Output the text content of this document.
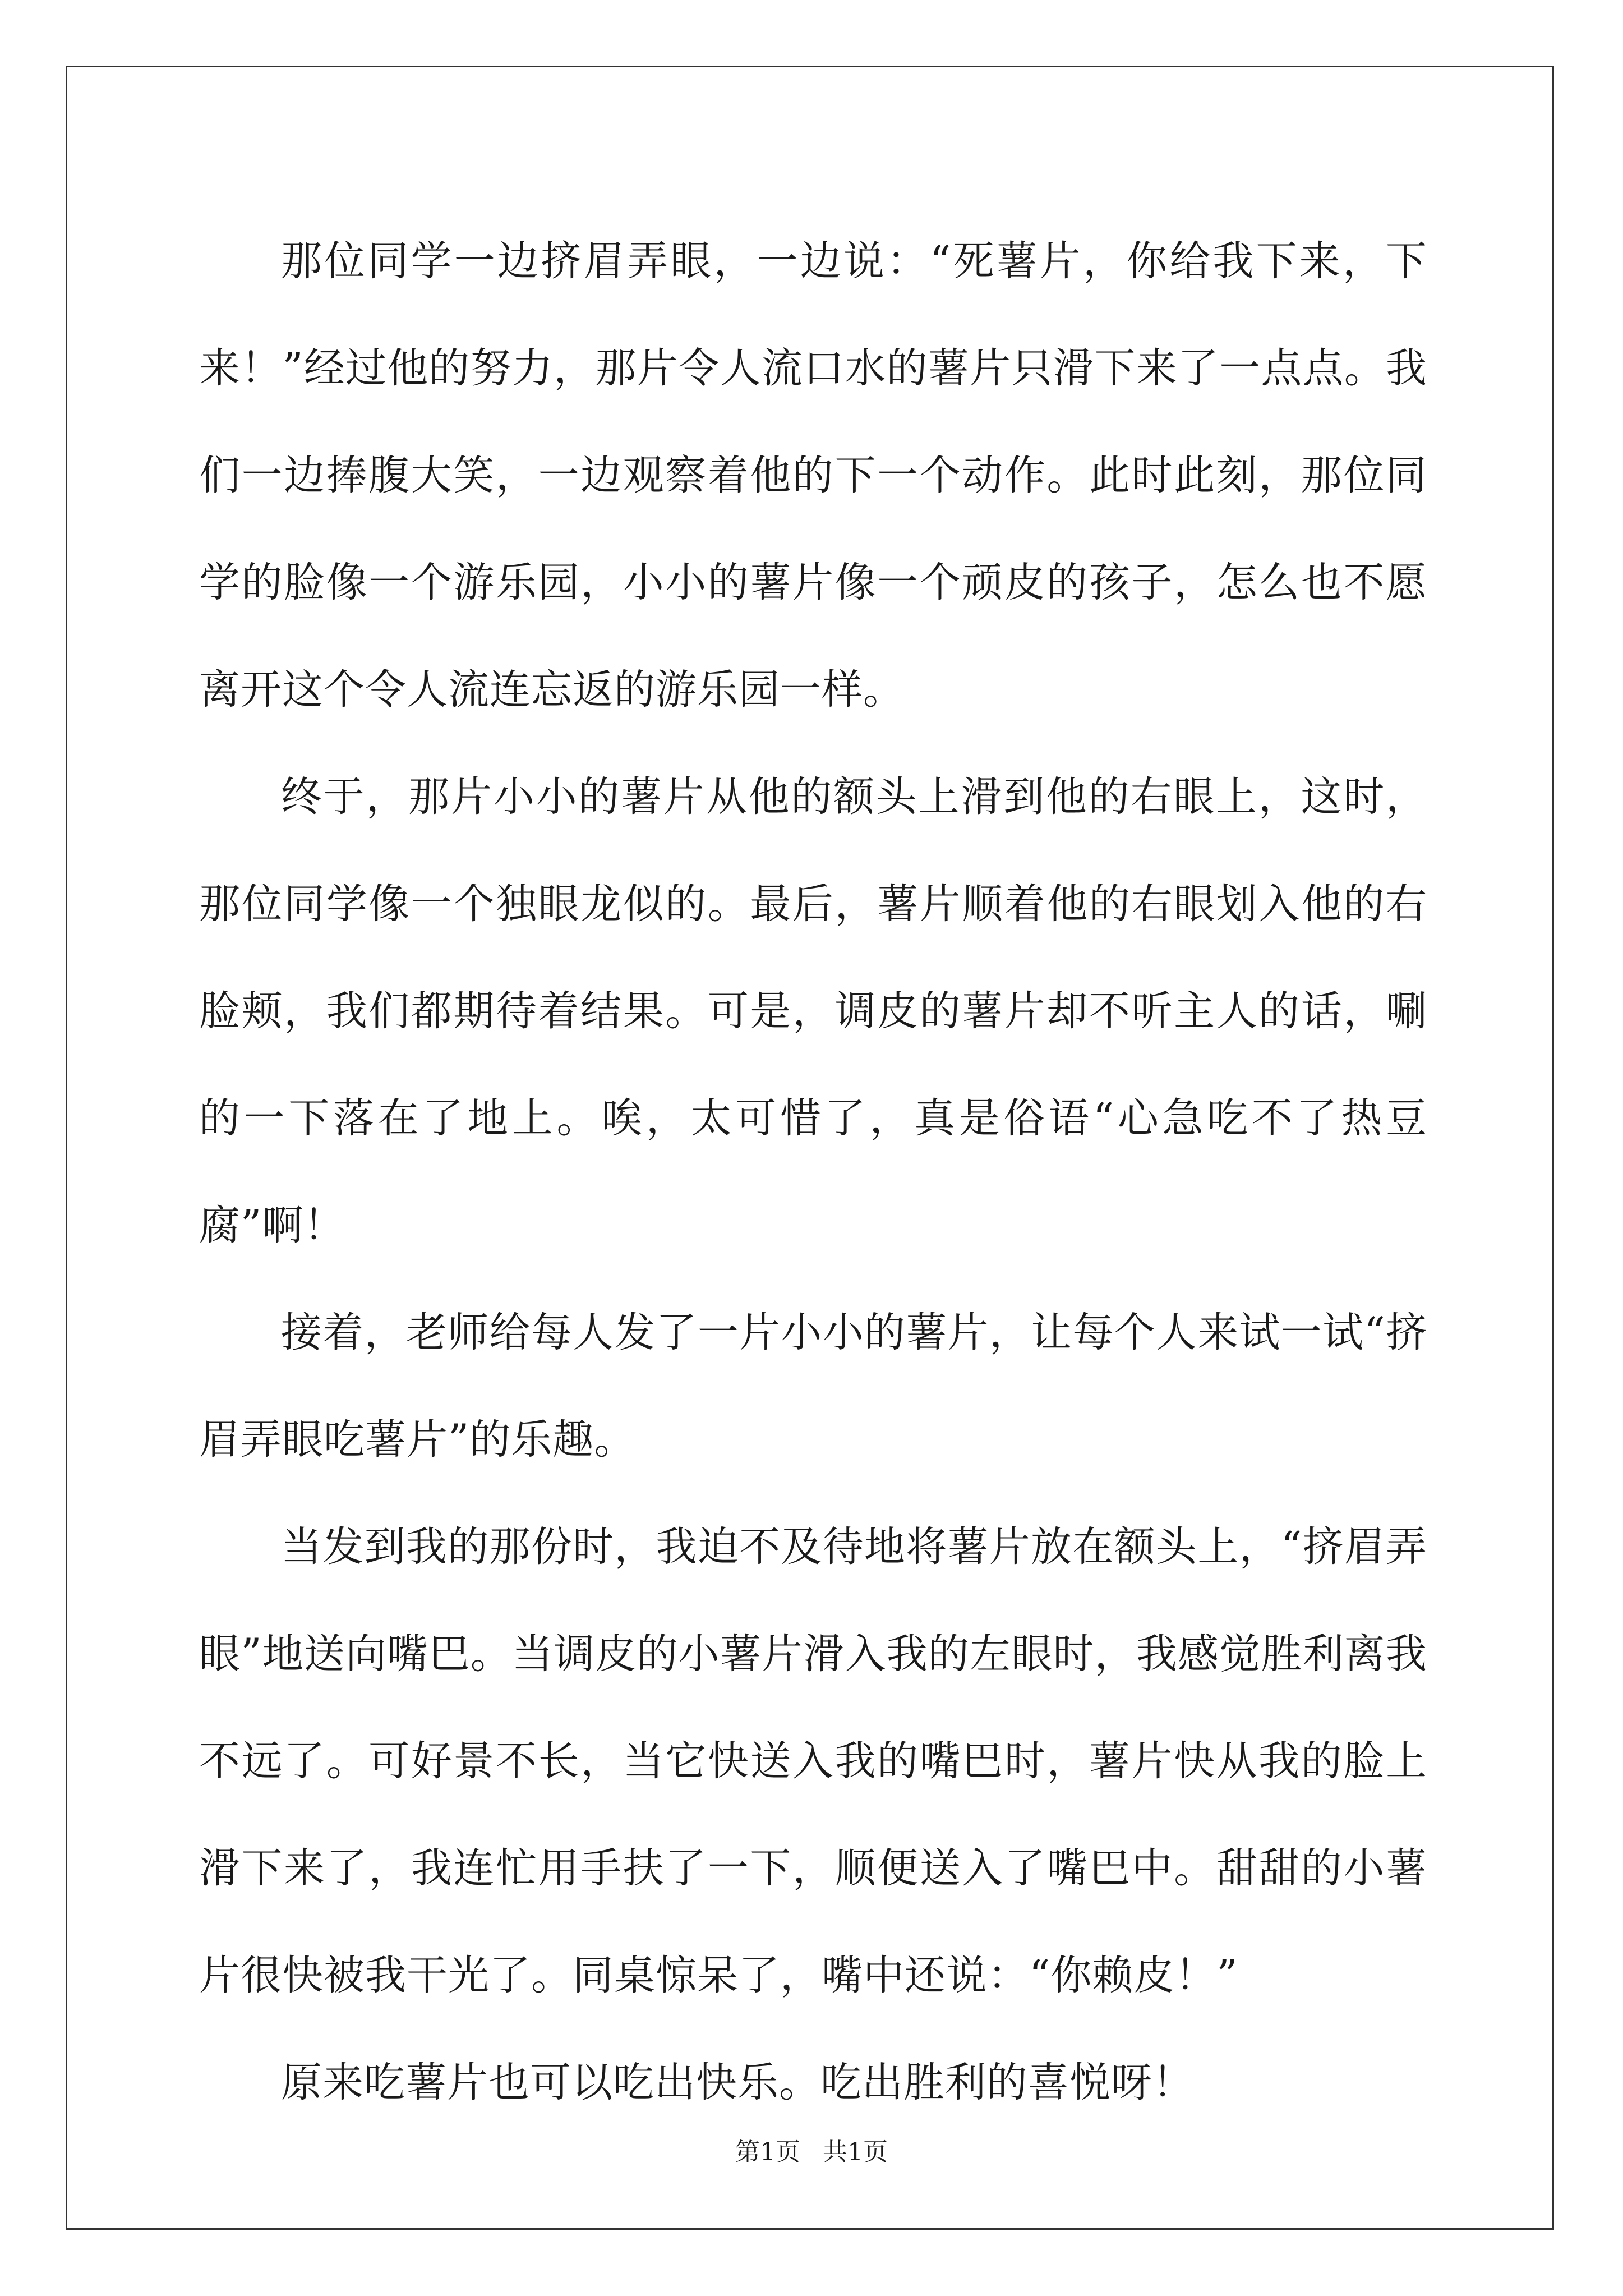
那位同学一边挤眉弄眼，一边说：“死薯片，你给我下来，下来！”经过他的努力，那片令人流口水的薯片只滑下来了一点点。我们一边捧腹大笑，一边观察着他的下一个动作。此时此刻，那位同学的脸像一个游乐园，小小的薯片像一个顽皮的孩子，怎么也不愿离开这个令人流连忘返的游乐园一样。

终于，那片小小的薯片从他的额头上滑到他的右眼上，这时，那位同学像一个独眼龙似的。最后，薯片顺着他的右眼划入他的右脸颊，我们都期待着结果。可是，调皮的薯片却不听主人的话，唰的一下落在了地上。唉，太可惜了，真是俗语“心急吃不了热豆腐”啊！

接着，老师给每人发了一片小小的薯片，让每个人来试一试“挤眉弄眼吃薯片”的乐趣。

当发到我的那份时，我迫不及待地将薯片放在额头上，“挤眉弄眼”地送向嘴巴。当调皮的小薯片滑入我的左眼时，我感觉胜利离我不远了。可好景不长，当它快送入我的嘴巴时，薯片快从我的脸上滑下来了，我连忙用手扶了一下，顺便送入了嘴巴中。甜甜的小薯片很快被我干光了。同桌惊呆了，嘴中还说：“你赖皮！”

原来吃薯片也可以吃出快乐。吃出胜利的喜悦呀！

第1页 共1页
